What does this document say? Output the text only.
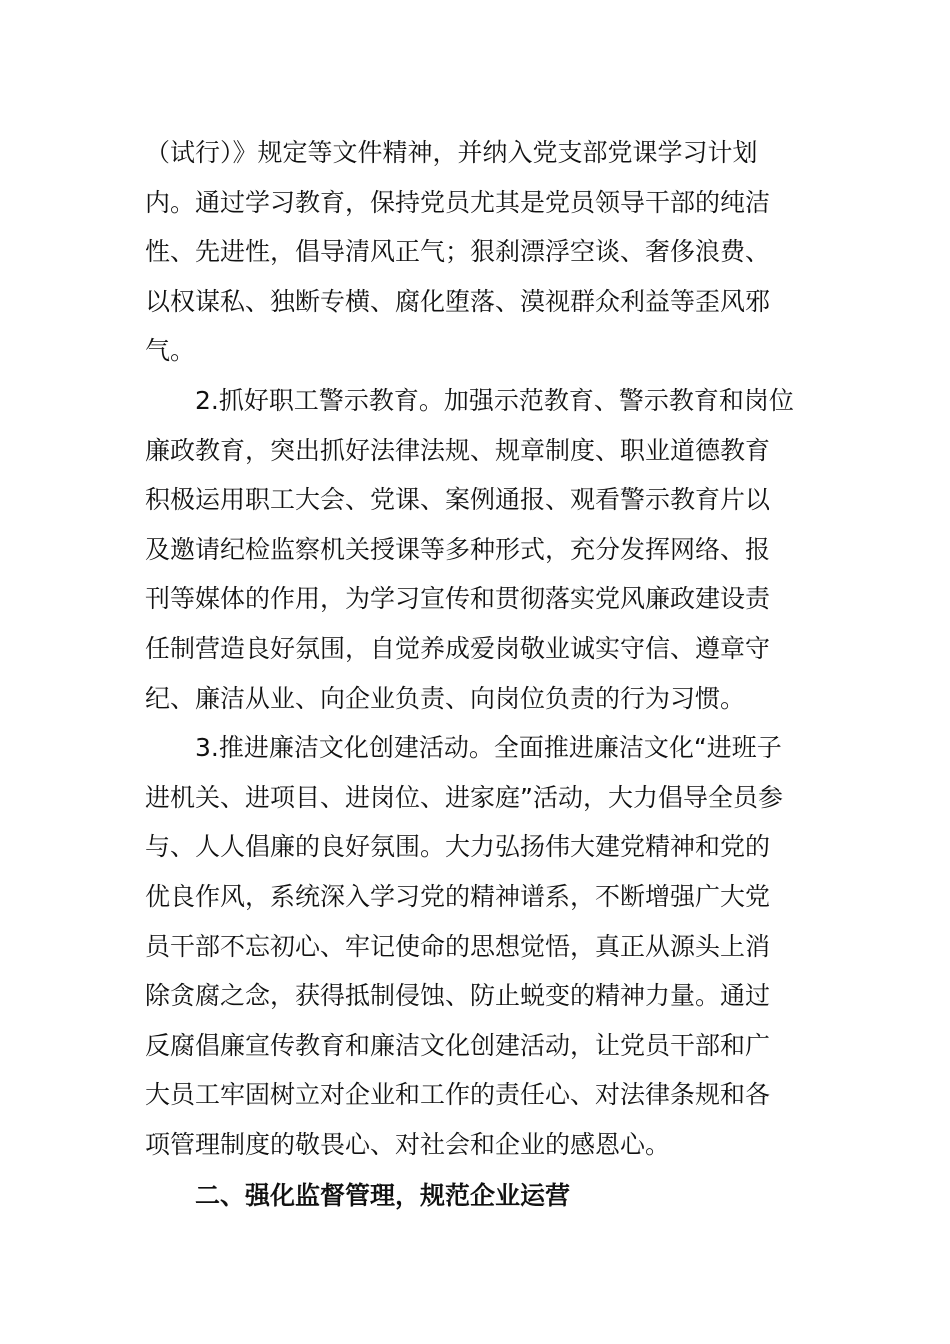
（试行）》规定等文件精神，并纳入党支部党课学习计划
内。通过学习教育，保持党员尤其是党员领导干部的纯洁
性、先进性，倡导清风正气；狠刹漂浮空谈、奢侈浪费、
以权谋私、独断专横、腐化堕落、漠视群众利益等歪风邪
气。
2.抓好职工警示教育。加强示范教育、警示教育和岗位
廉政教育，突出抓好法律法规、规章制度、职业道德教育
积极运用职工大会、党课、案例通报、观看警示教育片以
及邀请纪检监察机关授课等多种形式，充分发挥网络、报
刊等媒体的作用，为学习宣传和贯彻落实党风廉政建设责
任制营造良好氛围，自觉养成爱岗敬业诚实守信、遵章守
纪、廉洁从业、向企业负责、向岗位负责的行为习惯。
3.推进廉洁文化创建活动。全面推进廉洁文化“进班子
进机关、进项目、进岗位、进家庭”活动，大力倡导全员参
与、人人倡廉的良好氛围。大力弘扬伟大建党精神和党的
优良作风，系统深入学习党的精神谱系，不断增强广大党
员干部不忘初心、牢记使命的思想觉悟，真正从源头上消
除贪腐之念，获得抵制侵蚀、防止蜕变的精神力量。通过
反腐倡廉宣传教育和廉洁文化创建活动，让党员干部和广
大员工牢固树立对企业和工作的责任心、对法律条规和各
项管理制度的敬畏心、对社会和企业的感恩心。
二、强化监督管理，规范企业运营
